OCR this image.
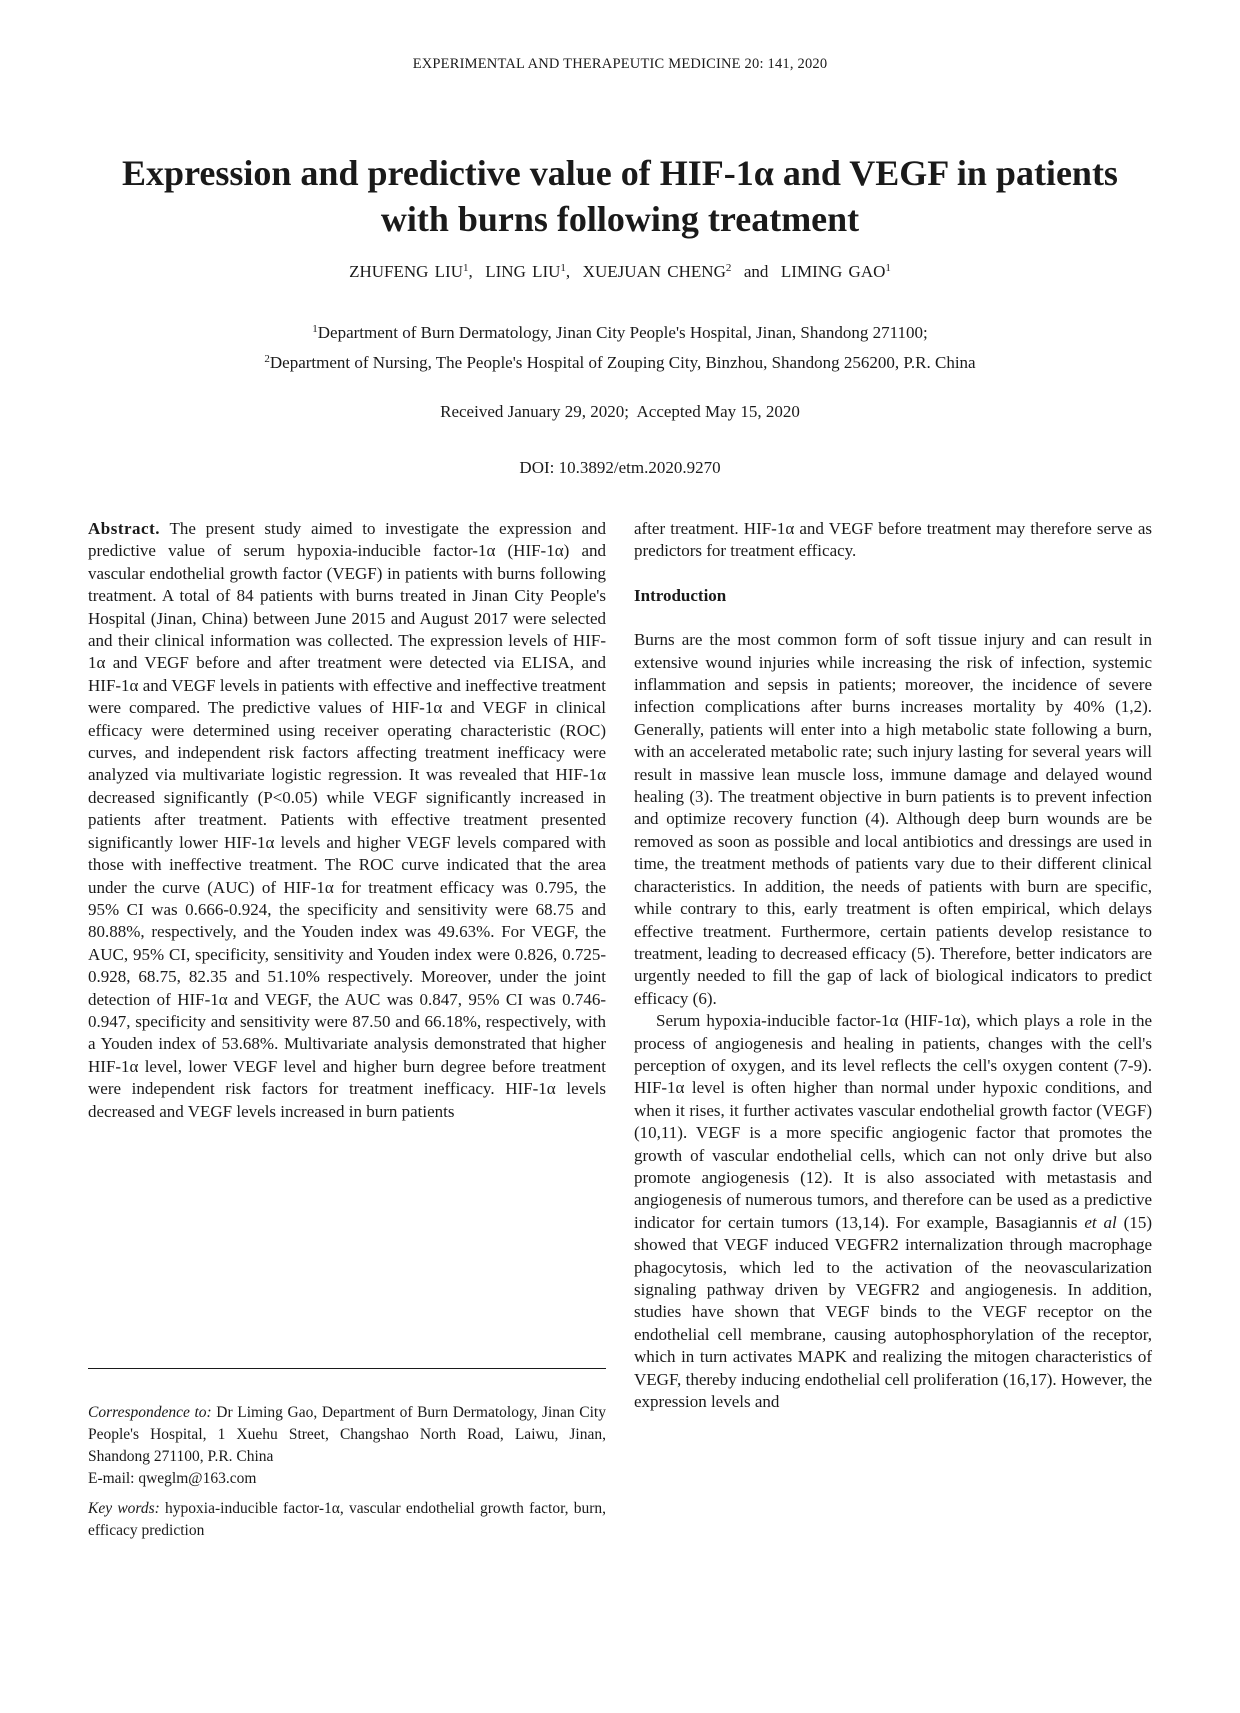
EXPERIMENTAL AND THERAPEUTIC MEDICINE 20: 141, 2020
Expression and predictive value of HIF-1α and VEGF in patients with burns following treatment
ZHUFENG LIU$^1$,  LING LIU$^1$,  XUEJUAN CHENG$^2$  and  LIMING GAO$^1$
$^1$Department of Burn Dermatology, Jinan City People's Hospital, Jinan, Shandong 271100;
$^2$Department of Nursing, The People's Hospital of Zouping City, Binzhou, Shandong 256200, P.R. China
Received January 29, 2020;  Accepted May 15, 2020
DOI: 10.3892/etm.2020.9270

Abstract. The present study aimed to investigate the expression and predictive value of serum hypoxia-inducible factor-1α (HIF-1α) and vascular endothelial growth factor (VEGF) in patients with burns following treatment. A total of 84 patients with burns treated in Jinan City People's Hospital (Jinan, China) between June 2015 and August 2017 were selected and their clinical information was collected. The expression levels of HIF-1α and VEGF before and after treatment were detected via ELISA, and HIF-1α and VEGF levels in patients with effective and ineffective treatment were compared. The predictive values of HIF-1α and VEGF in clinical efficacy were determined using receiver operating characteristic (ROC) curves, and independent risk factors affecting treatment inefficacy were analyzed via multivariate logistic regression. It was revealed that HIF-1α decreased significantly (P<0.05) while VEGF significantly increased in patients after treatment. Patients with effective treatment presented significantly lower HIF-1α levels and higher VEGF levels compared with those with ineffective treatment. The ROC curve indicated that the area under the curve (AUC) of HIF-1α for treatment efficacy was 0.795, the 95% CI was 0.666-0.924, the specificity and sensitivity were 68.75 and 80.88%, respectively, and the Youden index was 49.63%. For VEGF, the AUC, 95% CI, specificity, sensitivity and Youden index were 0.826, 0.725-0.928, 68.75, 82.35 and 51.10% respectively. Moreover, under the joint detection of HIF-1α and VEGF, the AUC was 0.847, 95% CI was 0.746-0.947, specificity and sensitivity were 87.50 and 66.18%, respectively, with a Youden index of 53.68%. Multivariate analysis demonstrated that higher HIF-1α level, lower VEGF level and higher burn degree before treatment were independent risk factors for treatment inefficacy. HIF-1α levels decreased and VEGF levels increased in burn patients

Correspondence to: Dr Liming Gao, Department of Burn Dermatology, Jinan City People's Hospital, 1 Xuehu Street, Changshao North Road, Laiwu, Jinan, Shandong 271100, P.R. China
E-mail: qweglm@163.com
Key words: hypoxia-inducible factor-1α, vascular endothelial growth factor, burn, efficacy prediction

after treatment. HIF-1α and VEGF before treatment may therefore serve as predictors for treatment efficacy.

Introduction

Burns are the most common form of soft tissue injury and can result in extensive wound injuries while increasing the risk of infection, systemic inflammation and sepsis in patients; moreover, the incidence of severe infection complications after burns increases mortality by 40% (1,2). Generally, patients will enter into a high metabolic state following a burn, with an accelerated metabolic rate; such injury lasting for several years will result in massive lean muscle loss, immune damage and delayed wound healing (3). The treatment objective in burn patients is to prevent infection and optimize recovery function (4). Although deep burn wounds are be removed as soon as possible and local antibiotics and dressings are used in time, the treatment methods of patients vary due to their different clinical characteristics. In addition, the needs of patients with burn are specific, while contrary to this, early treatment is often empirical, which delays effective treatment. Furthermore, certain patients develop resistance to treatment, leading to decreased efficacy (5). Therefore, better indicators are urgently needed to fill the gap of lack of biological indicators to predict efficacy (6).

Serum hypoxia-inducible factor-1α (HIF-1α), which plays a role in the process of angiogenesis and healing in patients, changes with the cell's perception of oxygen, and its level reflects the cell's oxygen content (7-9). HIF-1α level is often higher than normal under hypoxic conditions, and when it rises, it further activates vascular endothelial growth factor (VEGF) (10,11). VEGF is a more specific angiogenic factor that promotes the growth of vascular endothelial cells, which can not only drive but also promote angiogenesis (12). It is also associated with metastasis and angiogenesis of numerous tumors, and therefore can be used as a predictive indicator for certain tumors (13,14). For example, Basagiannis et al (15) showed that VEGF induced VEGFR2 internalization through macrophage phagocytosis, which led to the activation of the neovascularization signaling pathway driven by VEGFR2 and angiogenesis. In addition, studies have shown that VEGF binds to the VEGF receptor on the endothelial cell membrane, causing autophosphorylation of the receptor, which in turn activates MAPK and realizing the mitogen characteristics of VEGF, thereby inducing endothelial cell proliferation (16,17). However, the expression levels and
